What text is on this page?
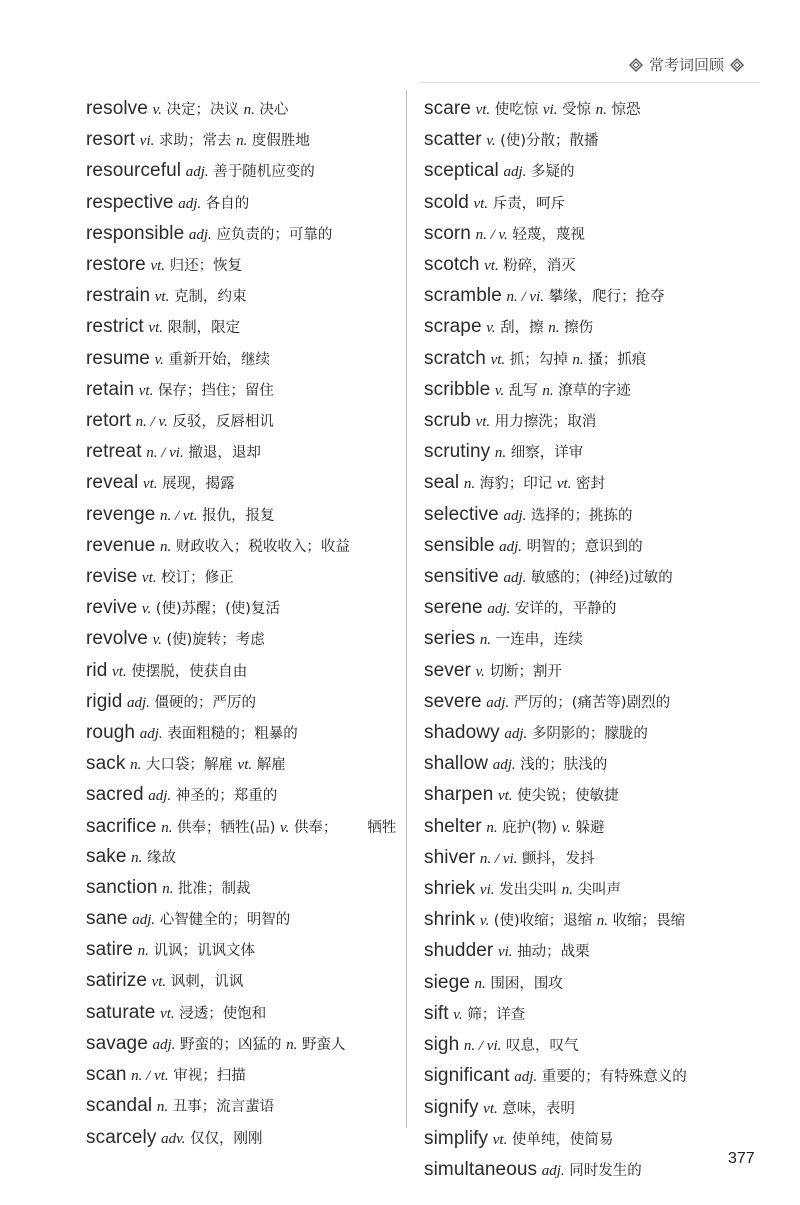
常考词回顾
resolve v. 决定；决议 n. 决心
resort vi. 求助；常去 n. 度假胜地
resourceful adj. 善于随机应变的
respective adj. 各自的
responsible adj. 应负责的；可靠的
restore vt. 归还；恢复
restrain vt. 克制，约束
restrict vt. 限制，限定
resume v. 重新开始，继续
retain vt. 保存；挡住；留住
retort n. / v. 反驳，反唇相讥
retreat n. / vi. 撤退，退却
reveal vt. 展现，揭露
revenge n. / vt. 报仇，报复
revenue n. 财政收入；税收收入；收益
revise vt. 校订；修正
revive v. (使)苏醒；(使)复活
revolve v. (使)旋转；考虑
rid vt. 使摆脱，使获自由
rigid adj. 僵硬的；严厉的
rough adj. 表面粗糙的；粗暴的
sack n. 大口袋；解雇 vt. 解雇
sacred adj. 神圣的；郑重的
sacrifice n. 供奉；牺牲(品) v. 供奉； 牺牲
sake n. 缘故
sanction n. 批准；制裁
sane adj. 心智健全的；明智的
satire n. 讥讽；讥讽文体
satirize vt. 讽刺，讥讽
saturate vt. 浸透；使饱和
savage adj. 野蛮的；凶猛的 n. 野蛮人
scan n. / vt. 审视；扫描
scandal n. 丑事；流言蜚语
scarcely adv. 仅仅，刚刚
scare vt. 使吃惊 vi. 受惊 n. 惊恐
scatter v. (使)分散；散播
sceptical adj. 多疑的
scold vt. 斥责，呵斥
scorn n. / v. 轻蔑，蔑视
scotch vt. 粉碎，消灭
scramble n. / vi. 攀缘，爬行；抢夺
scrape v. 刮，擦 n. 擦伤
scratch vt. 抓；勾掉 n. 搔；抓痕
scribble v. 乱写 n. 潦草的字迹
scrub vt. 用力擦洗；取消
scrutiny n. 细察，详审
seal n. 海豹；印记 vt. 密封
selective adj. 选择的；挑拣的
sensible adj. 明智的；意识到的
sensitive adj. 敏感的；(神经)过敏的
serene adj. 安详的，平静的
series n. 一连串，连续
sever v. 切断；割开
severe adj. 严厉的；(痛苦等)剧烈的
shadowy adj. 多阴影的；朦胧的
shallow adj. 浅的；肤浅的
sharpen vt. 使尖锐；使敏捷
shelter n. 庇护(物) v. 躲避
shiver n. / vi. 颤抖，发抖
shriek vi. 发出尖叫 n. 尖叫声
shrink v. (使)收缩；退缩 n. 收缩；畏缩
shudder vi. 抽动；战栗
siege n. 围困，围攻
sift v. 筛；详查
sigh n. / vi. 叹息，叹气
significant adj. 重要的；有特殊意义的
signify vt. 意味，表明
simplify vt. 使单纯，使简易
simultaneous adj. 同时发生的
377
